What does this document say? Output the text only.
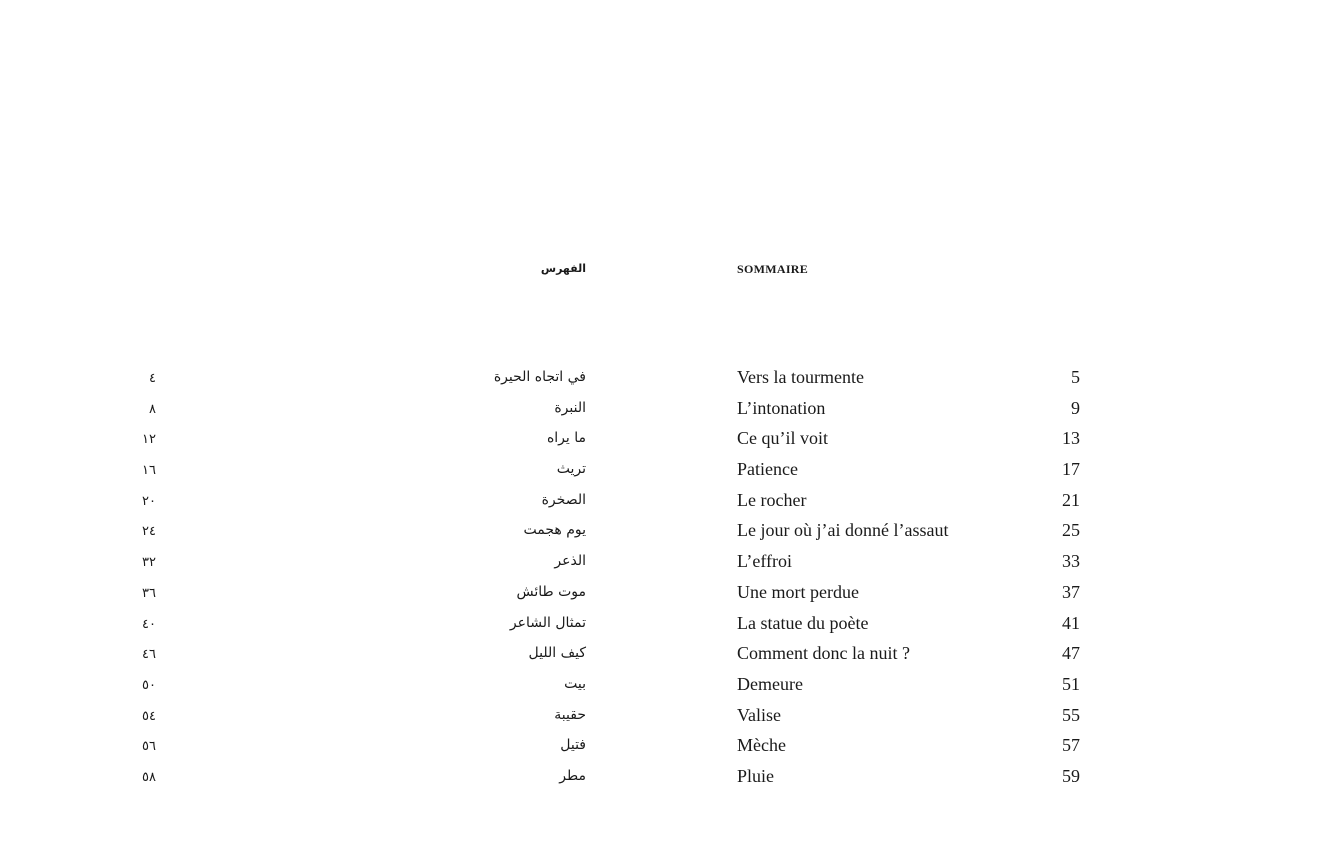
الفهرس	SOMMAIRE
٤	في اتجاه الحيرة	Vers la tourmente	5
٨	النبرة	L’intonation	9
١٢	ما يراه	Ce qu’il voit	13
١٦	تريث	Patience	17
٢٠	الصخرة	Le rocher	21
٢٤	يوم هجمت	Le jour où j’ai donné l’assaut	25
٣٢	الذعر	L’effroi	33
٣٦	موت طائش	Une mort perdue	37
٤٠	تمثال الشاعر	La statue du poète	41
٤٦	كيف الليل	Comment donc la nuit ?	47
٥٠	بيت	Demeure	51
٥٤	حقيبة	Valise	55
٥٦	فتيل	Mèche	57
٥٨	مطر	Pluie	59
